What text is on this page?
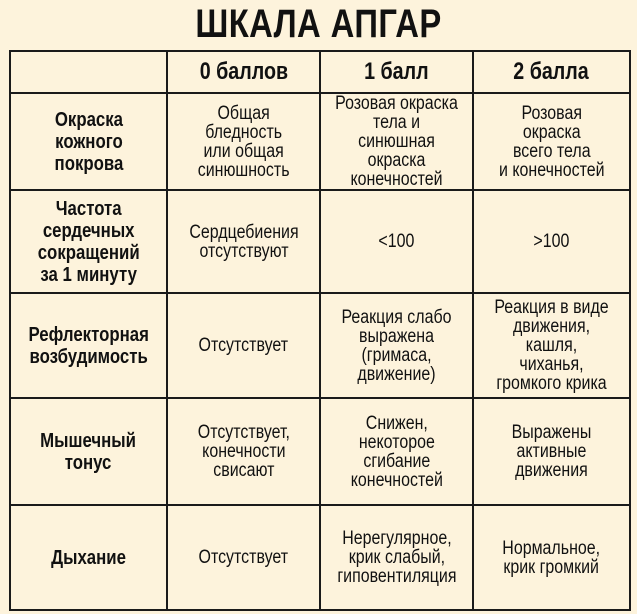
ШКАЛА АПГАР
	0 баллов	1 балл	2 балла
Окраска
кожного
покрова	Общая
бледность
или общая
синюшность	Розовая окраска
тела и синюшная
окраска
конечностей	Розовая
окраска
всего тела
и конечностей
Частота
сердечных
сокращений
за 1 минуту	Сердцебиения
отсутствуют	<100	>100
Рефлекторная
возбудимость	Отсутствует	Реакция слабо
выражена
(гримаса,
движение)	Реакция в виде
движения, кашля,
чиханья,
громкого крика
Мышечный
тонус	Отсутствует,
конечности
свисают	Снижен,
некоторое
сгибание
конечностей	Выражены
активные
движения
Дыхание	Отсутствует	Нерегулярное,
крик слабый,
гиповентиляция	Нормальное,
крик громкий
